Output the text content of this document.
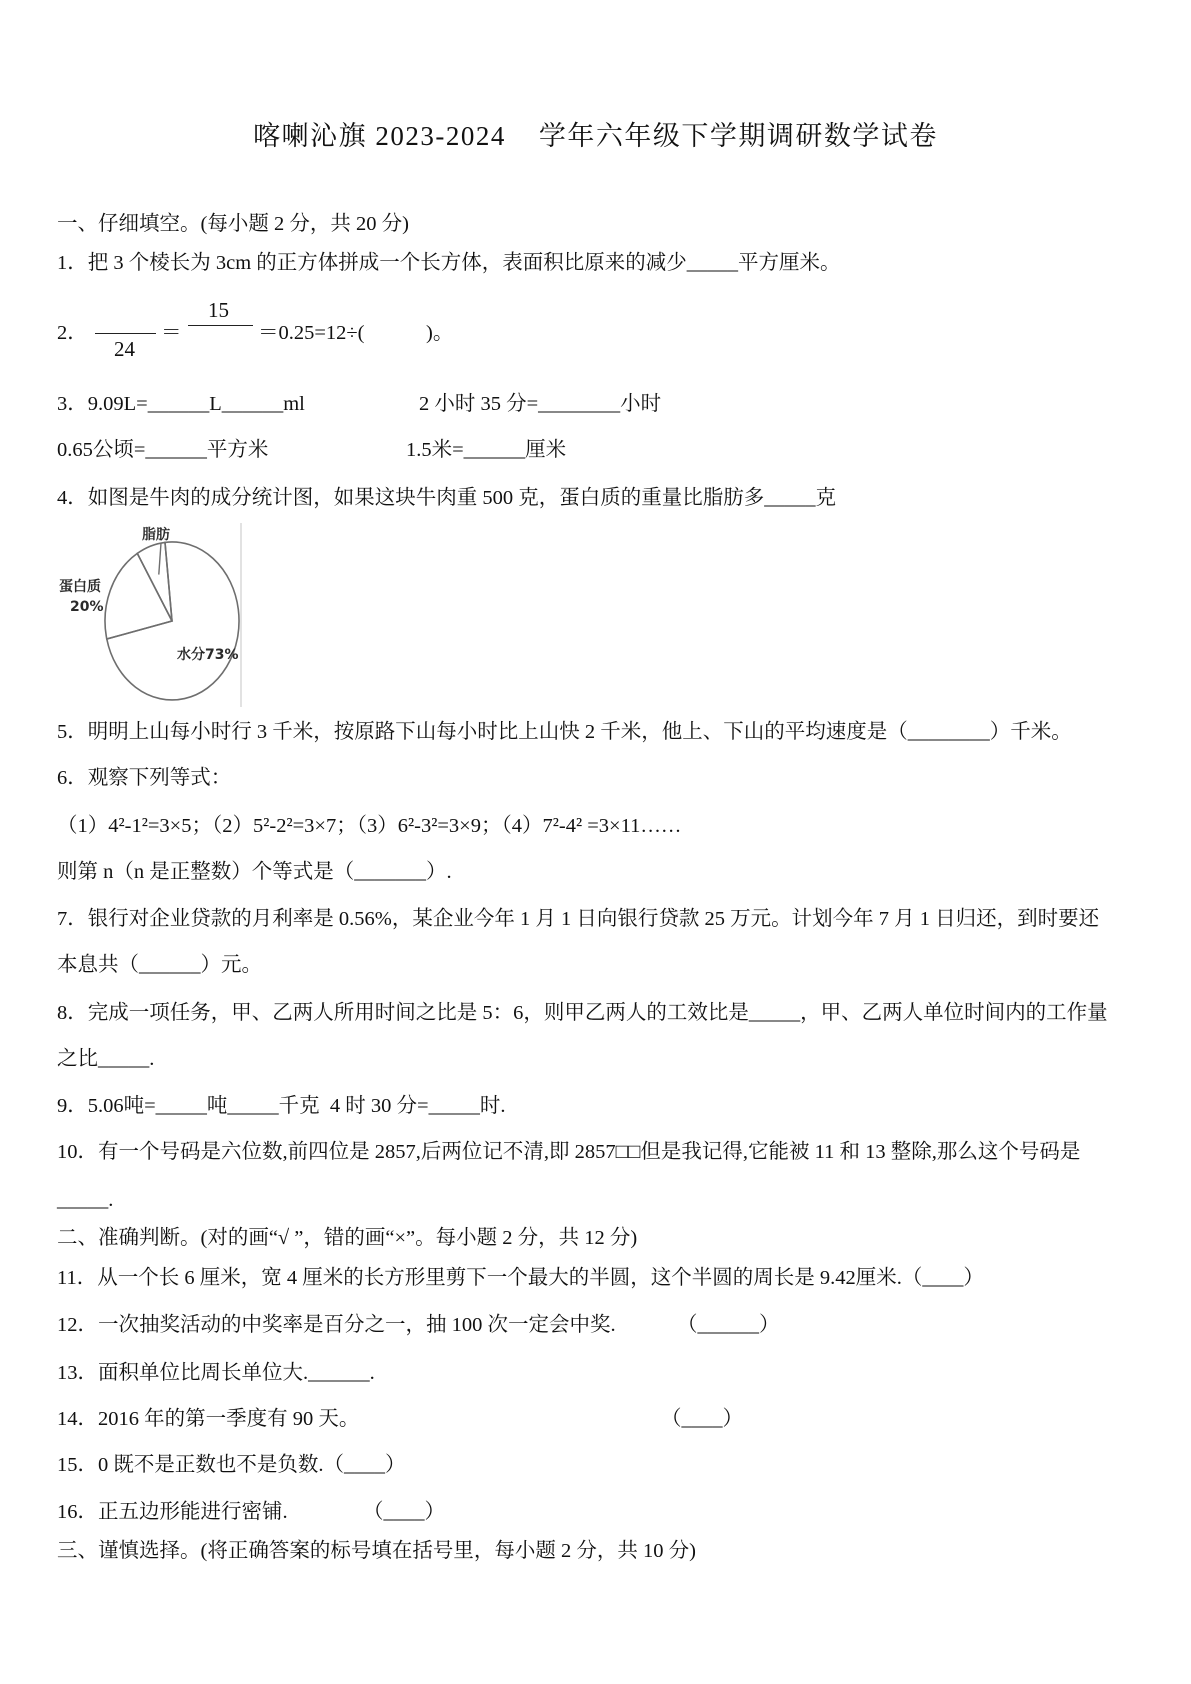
喀喇沁旗 2023-2024    学年六年级下学期调研数学试卷
一、仔细填空。(每小题 2 分，共 20 分)
1．把 3 个棱长为 3cm 的正方体拼成一个长方体，表面积比原来的减少_____平方厘米。
2．
24
＝
15
＝0.25=12÷(　　　)。
3．9.09L=______L______ml	2 小时 35 分=________小时
0.65公顷=______平方米	1.5米=______厘米
4．如图是牛肉的成分统计图，如果这块牛肉重 500 克，蛋白质的重量比脂肪多_____克
脂肪
蛋白质
20%
水分73%
5．明明上山每小时行 3 千米，按原路下山每小时比上山快 2 千米，他上、下山的平均速度是（________）千米。
6．观察下列等式：
（1）4²-1²=3×5；（2）5²-2²=3×7；（3）6²-3²=3×9；（4）7²-4² =3×11……
则第 n（n 是正整数）个等式是（_______）.
7．银行对企业贷款的月利率是 0.56%，某企业今年 1 月 1 日向银行贷款 25 万元。计划今年 7 月 1 日归还，到时要还
本息共（______）元。
8．完成一项任务，甲、乙两人所用时间之比是 5：6，则甲乙两人的工效比是_____，甲、乙两人单位时间内的工作量
之比_____.
9．5.06吨=_____吨_____千克  4 时 30 分=_____时.
10．有一个号码是六位数,前四位是 2857,后两位记不清,即 2857□□但是我记得,它能被 11 和 13 整除,那么这个号码是
_____.
二、准确判断。(对的画“√ ”，错的画“×”。每小题 2 分，共 12 分)
11．从一个长 6 厘米，宽 4 厘米的长方形里剪下一个最大的半圆，这个半圆的周长是 9.42厘米.（____）
12．一次抽奖活动的中奖率是百分之一，抽 100 次一定会中奖.	（______）
13．面积单位比周长单位大.______.
14．2016 年的第一季度有 90 天。	（____）
15．0 既不是正数也不是负数.（____）
16．正五边形能进行密铺.	（____）
三、谨慎选择。(将正确答案的标号填在括号里，每小题 2 分，共 10 分)
